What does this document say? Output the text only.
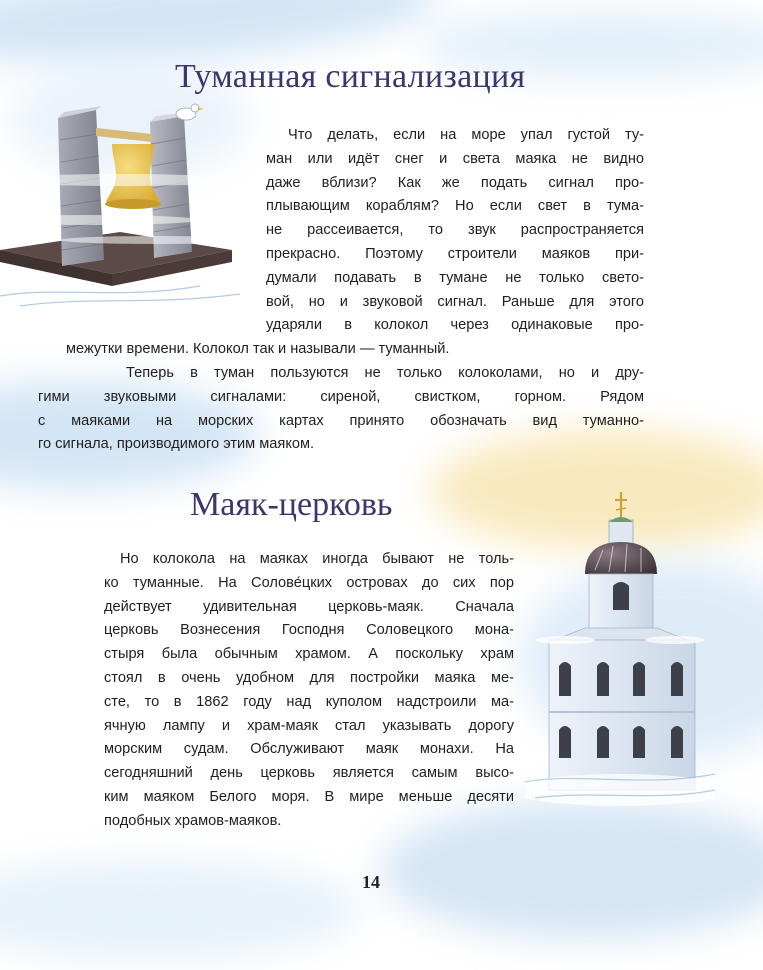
Туманная сигнализация

Что делать, если на море упал густой ту-
ман или идёт снег и света маяка не видно
даже вблизи? Как же подать сигнал про-
плывающим кораблям? Но если свет в тума-
не рассеивается, то звук распространяется
прекрасно. Поэтому строители маяков при-
думали подавать в тумане не только свето-
вой, но и звуковой сигнал. Раньше для этого
ударяли в колокол через одинаковые про-
межутки времени. Колокол так и называли — туманный.

Теперь в туман пользуются не только колоколами, но и дру-
гими звуковыми сигналами: сиреной, свистком, горном. Рядом
с маяками на морских картах принято обозначать вид туманно-
го сигнала, производимого этим маяком.

Маяк-церковь

Но колокола на маяках иногда бывают не толь-
ко туманные. На Солове́цких островах до сих пор
действует удивительная церковь-маяк. Сначала
церковь Вознесения Господня Соловецкого мона-
стыря была обычным храмом. А поскольку храм
стоял в очень удобном для постройки маяка ме-
сте, то в 1862 году над куполом надстроили ма-
ячную лампу и храм-маяк стал указывать дорогу
морским судам. Обслуживают маяк монахи. На
сегодняшний день церковь является самым высо-
ким маяком Белого моря. В мире меньше десяти
подобных храмов-маяков.

14
